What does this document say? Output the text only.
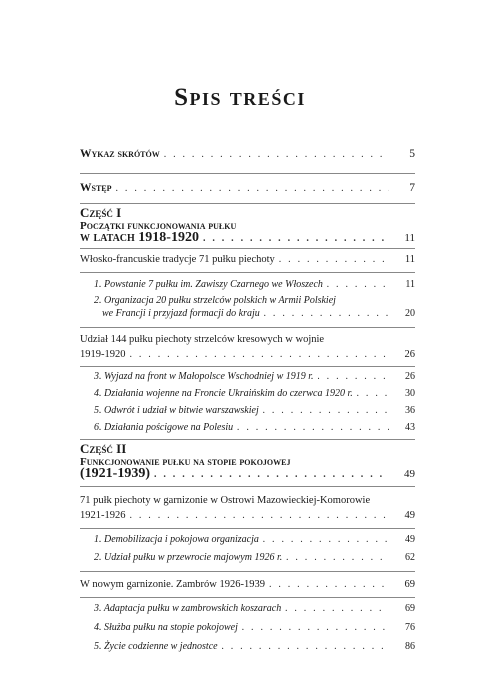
Spis treści
Wykaz skrótów . . .	5
Wstęp . . .	7
Część I
Początki funkcjonowania pułku
w latach 1918-1920 . . .	11
Włosko-francuskie tradycje 71 pułku piechoty . . .	11
1. Powstanie 7 pułku im. Zawiszy Czarnego we Włoszech . . .	11
2. Organizacja 20 pułku strzelców polskich w Armii Polskiej
we Francji i przyjazd formacji do kraju . . .	20
Udział 144 pułku piechoty strzelców kresowych w wojnie
1919-1920 . . .	26
3. Wyjazd na front w Małopolsce Wschodniej w 1919 r. . . .	26
4. Działania wojenne na Froncie Ukraińskim do czerwca 1920 r. . . .	30
5. Odwrót i udział w bitwie warszawskiej . . .	36
6. Działania pościgowe na Polesiu . . .	43
Część II
Funkcjonowanie pułku na stopie pokojowej
(1921-1939) . . .	49
71 pułk piechoty w garnizonie w Ostrowi Mazowieckiej-Komorowie
1921-1926 . . .	49
1. Demobilizacja i pokojowa organizacja . . .	49
2. Udział pułku w przewrocie majowym 1926 r. . . .	62
W nowym garnizonie. Zambrów 1926-1939 . . .	69
3. Adaptacja pułku w zambrowskich koszarach . . .	69
4. Służba pułku na stopie pokojowej . . .	76
5. Życie codzienne w jednostce . . .	86
